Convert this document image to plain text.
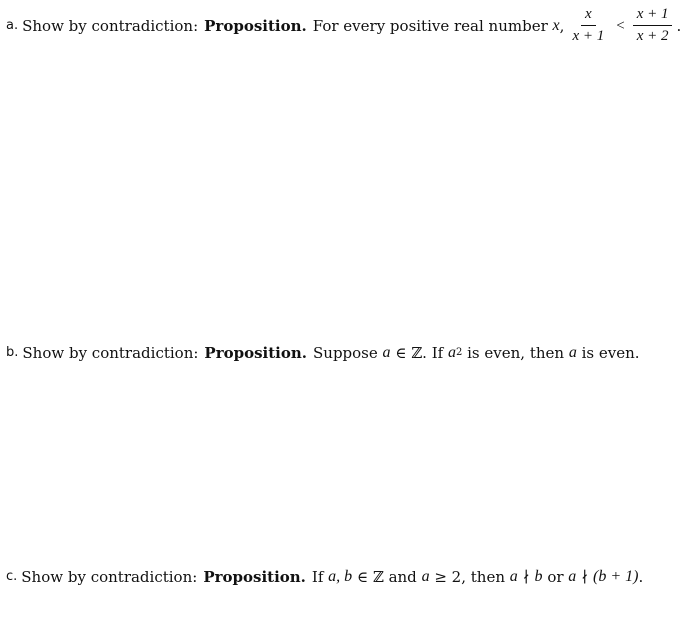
a. Show by contradiction: Proposition. For every positive real number
x , $\frac{x}{x + 1} < \frac{x + 1}{x + 2}$ .
b. Show by contradiction: Proposition. Suppose
a
∈ ℤ.
If
a 2
is even, then
a
is even.
c. Show by contradiction: Proposition. If
a, b
∈ ℤ
and
a
≥ 2, then
a
∤
b
or
a
∤
(b + 1) .
